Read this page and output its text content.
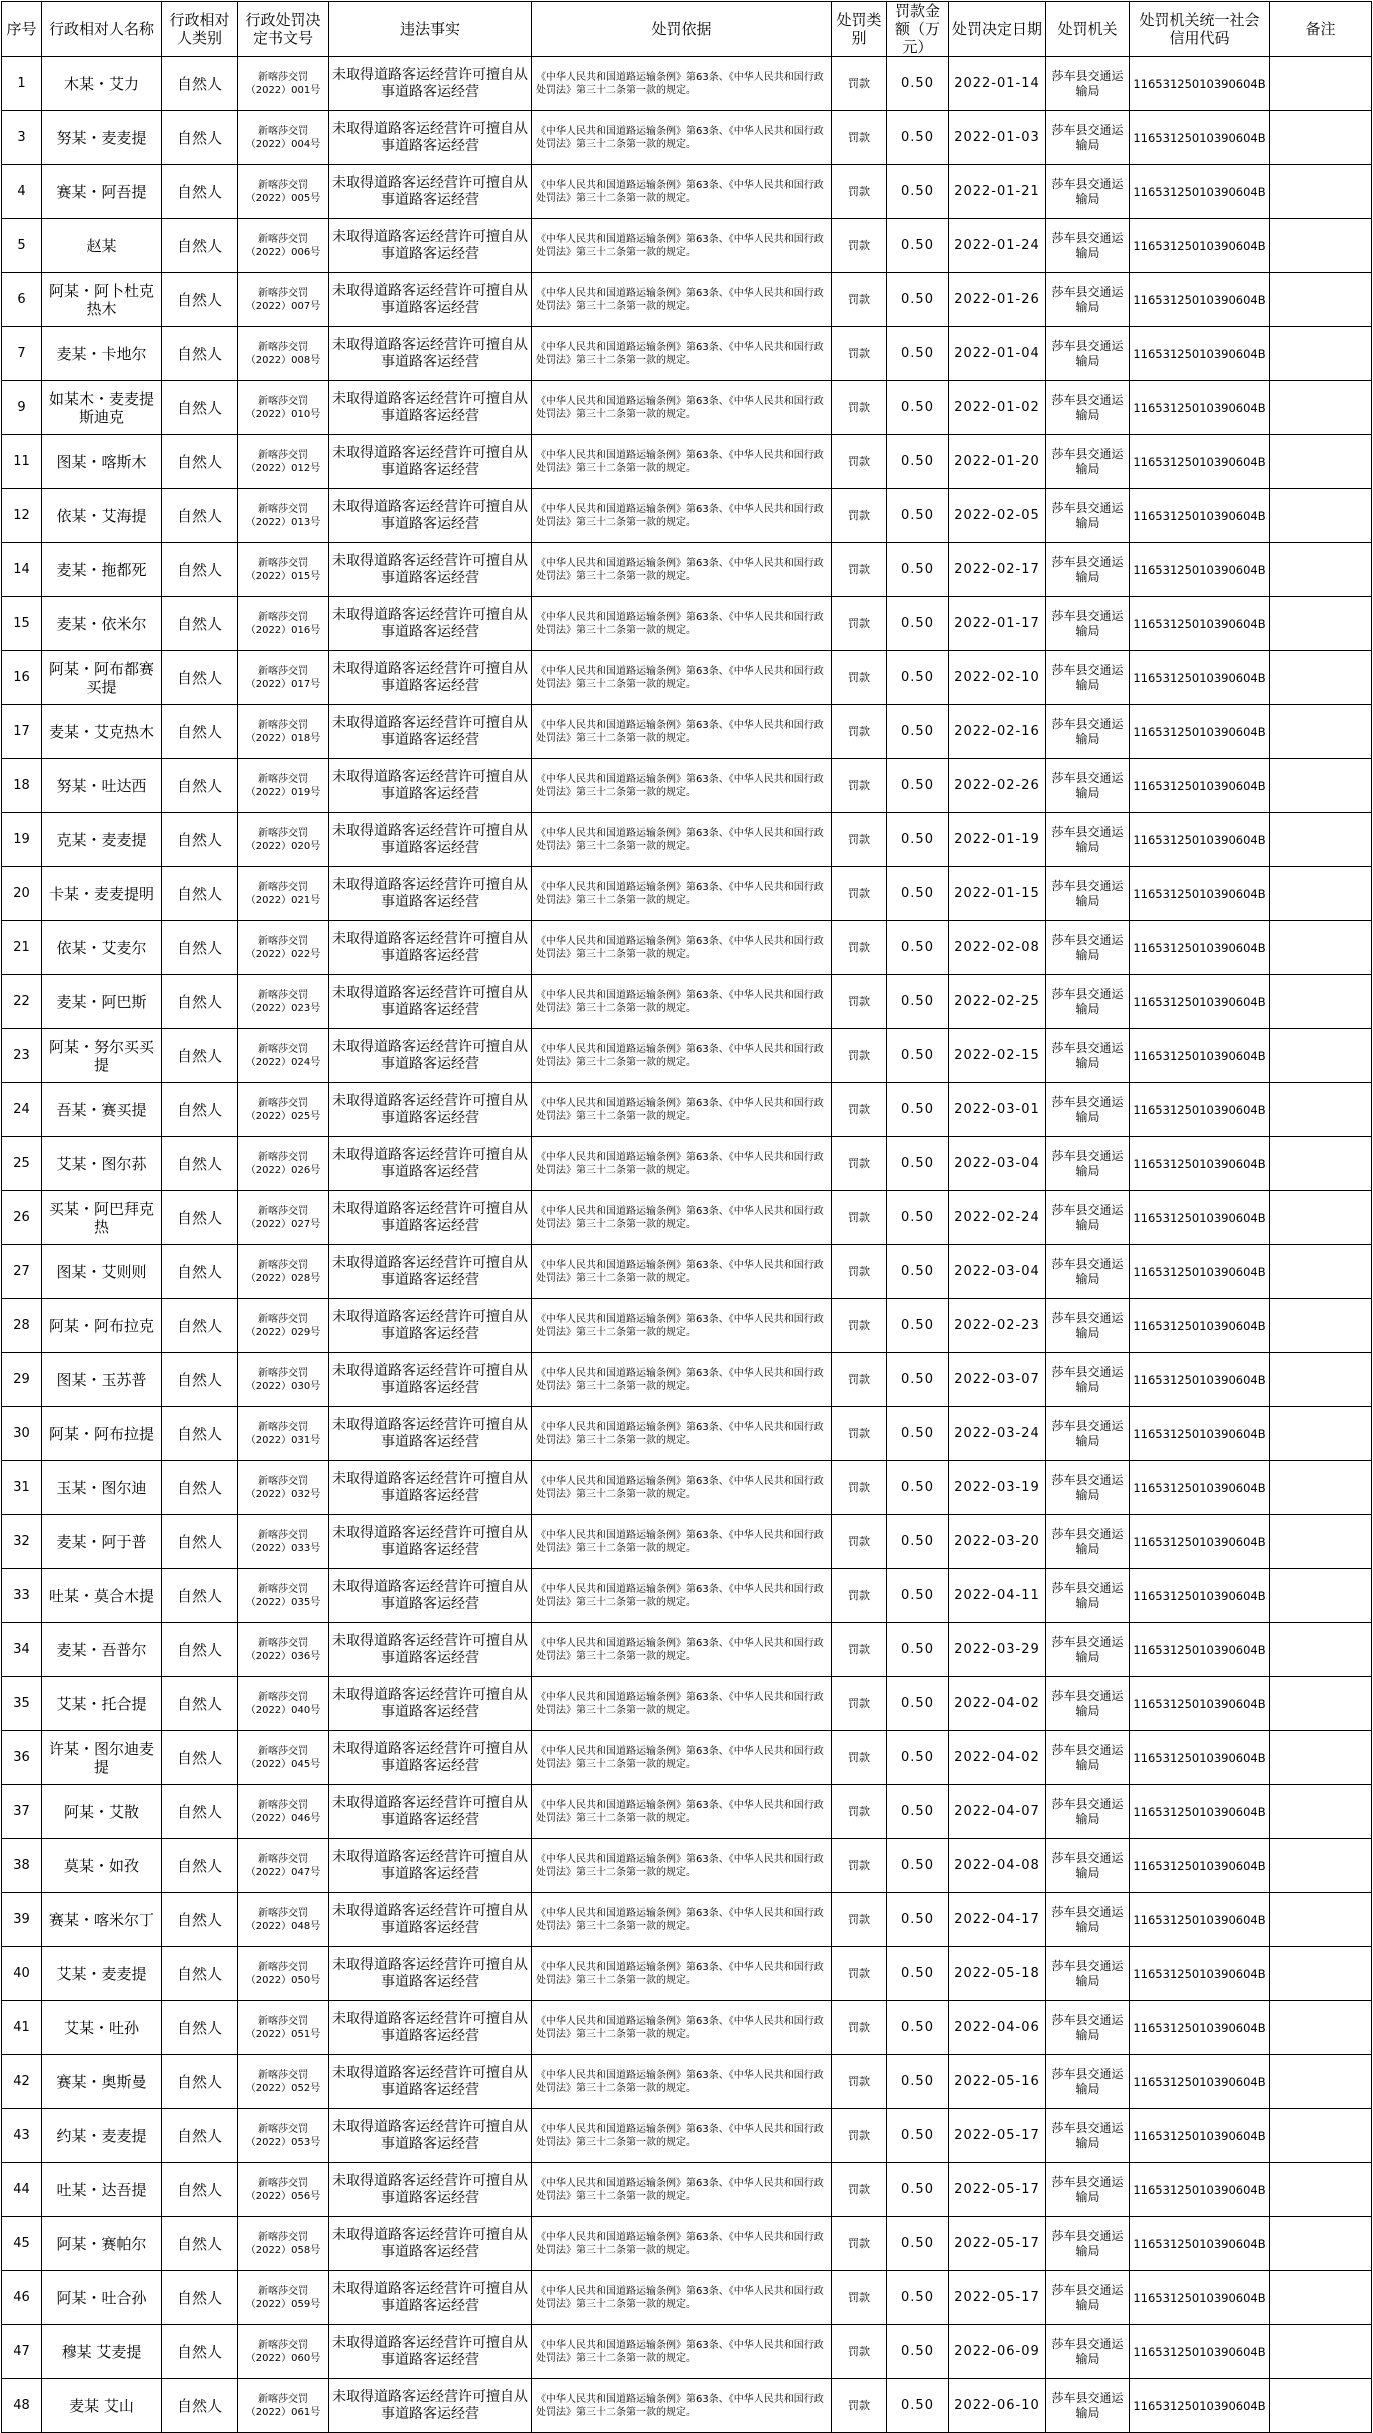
序号	行政相对人名称	行政相对人类别	行政处罚决定书文号	违法事实	处罚依据	处罚类别	罚款金额（万元）	处罚决定日期	处罚机关	处罚机关统一社会信用代码	备注
1	木某・艾力	自然人	新喀莎交罚（2022）001号	未取得道路客运经营许可擅自从事道路客运经营	《中华人民共和国道路运输条例》第63条、《中华人民共和国行政处罚法》第三十二条第一款的规定。	罚款	0.50	2022-01-14	莎车县交通运输局	11653125010390604B	
3	努某・麦麦提	自然人	新喀莎交罚（2022）004号	未取得道路客运经营许可擅自从事道路客运经营	《中华人民共和国道路运输条例》第63条、《中华人民共和国行政处罚法》第三十二条第一款的规定。	罚款	0.50	2022-01-03	莎车县交通运输局	11653125010390604B	
4	赛某・阿吾提	自然人	新喀莎交罚（2022）005号	未取得道路客运经营许可擅自从事道路客运经营	《中华人民共和国道路运输条例》第63条、《中华人民共和国行政处罚法》第三十二条第一款的规定。	罚款	0.50	2022-01-21	莎车县交通运输局	11653125010390604B	
5	赵某	自然人	新喀莎交罚（2022）006号	未取得道路客运经营许可擅自从事道路客运经营	《中华人民共和国道路运输条例》第63条、《中华人民共和国行政处罚法》第三十二条第一款的规定。	罚款	0.50	2022-01-24	莎车县交通运输局	11653125010390604B	
6	阿某・阿卜杜克热木	自然人	新喀莎交罚（2022）007号	未取得道路客运经营许可擅自从事道路客运经营	《中华人民共和国道路运输条例》第63条、《中华人民共和国行政处罚法》第三十二条第一款的规定。	罚款	0.50	2022-01-26	莎车县交通运输局	11653125010390604B	
7	麦某・卡地尔	自然人	新喀莎交罚（2022）008号	未取得道路客运经营许可擅自从事道路客运经营	《中华人民共和国道路运输条例》第63条、《中华人民共和国行政处罚法》第三十二条第一款的规定。	罚款	0.50	2022-01-04	莎车县交通运输局	11653125010390604B	
9	如某木・麦麦提斯迪克	自然人	新喀莎交罚（2022）010号	未取得道路客运经营许可擅自从事道路客运经营	《中华人民共和国道路运输条例》第63条、《中华人民共和国行政处罚法》第三十二条第一款的规定。	罚款	0.50	2022-01-02	莎车县交通运输局	11653125010390604B	
11	图某・喀斯木	自然人	新喀莎交罚（2022）012号	未取得道路客运经营许可擅自从事道路客运经营	《中华人民共和国道路运输条例》第63条、《中华人民共和国行政处罚法》第三十二条第一款的规定。	罚款	0.50	2022-01-20	莎车县交通运输局	11653125010390604B	
12	依某・艾海提	自然人	新喀莎交罚（2022）013号	未取得道路客运经营许可擅自从事道路客运经营	《中华人民共和国道路运输条例》第63条、《中华人民共和国行政处罚法》第三十二条第一款的规定。	罚款	0.50	2022-02-05	莎车县交通运输局	11653125010390604B	
14	麦某・拖都死	自然人	新喀莎交罚（2022）015号	未取得道路客运经营许可擅自从事道路客运经营	《中华人民共和国道路运输条例》第63条、《中华人民共和国行政处罚法》第三十二条第一款的规定。	罚款	0.50	2022-02-17	莎车县交通运输局	11653125010390604B	
15	麦某・依米尔	自然人	新喀莎交罚（2022）016号	未取得道路客运经营许可擅自从事道路客运经营	《中华人民共和国道路运输条例》第63条、《中华人民共和国行政处罚法》第三十二条第一款的规定。	罚款	0.50	2022-01-17	莎车县交通运输局	11653125010390604B	
16	阿某・阿布都赛买提	自然人	新喀莎交罚（2022）017号	未取得道路客运经营许可擅自从事道路客运经营	《中华人民共和国道路运输条例》第63条、《中华人民共和国行政处罚法》第三十二条第一款的规定。	罚款	0.50	2022-02-10	莎车县交通运输局	11653125010390604B	
17	麦某・艾克热木	自然人	新喀莎交罚（2022）018号	未取得道路客运经营许可擅自从事道路客运经营	《中华人民共和国道路运输条例》第63条、《中华人民共和国行政处罚法》第三十二条第一款的规定。	罚款	0.50	2022-02-16	莎车县交通运输局	11653125010390604B	
18	努某・吐达西	自然人	新喀莎交罚（2022）019号	未取得道路客运经营许可擅自从事道路客运经营	《中华人民共和国道路运输条例》第63条、《中华人民共和国行政处罚法》第三十二条第一款的规定。	罚款	0.50	2022-02-26	莎车县交通运输局	11653125010390604B	
19	克某・麦麦提	自然人	新喀莎交罚（2022）020号	未取得道路客运经营许可擅自从事道路客运经营	《中华人民共和国道路运输条例》第63条、《中华人民共和国行政处罚法》第三十二条第一款的规定。	罚款	0.50	2022-01-19	莎车县交通运输局	11653125010390604B	
20	卡某・麦麦提明	自然人	新喀莎交罚（2022）021号	未取得道路客运经营许可擅自从事道路客运经营	《中华人民共和国道路运输条例》第63条、《中华人民共和国行政处罚法》第三十二条第一款的规定。	罚款	0.50	2022-01-15	莎车县交通运输局	11653125010390604B	
21	依某・艾麦尔	自然人	新喀莎交罚（2022）022号	未取得道路客运经营许可擅自从事道路客运经营	《中华人民共和国道路运输条例》第63条、《中华人民共和国行政处罚法》第三十二条第一款的规定。	罚款	0.50	2022-02-08	莎车县交通运输局	11653125010390604B	
22	麦某・阿巴斯	自然人	新喀莎交罚（2022）023号	未取得道路客运经营许可擅自从事道路客运经营	《中华人民共和国道路运输条例》第63条、《中华人民共和国行政处罚法》第三十二条第一款的规定。	罚款	0.50	2022-02-25	莎车县交通运输局	11653125010390604B	
23	阿某・努尔买买提	自然人	新喀莎交罚（2022）024号	未取得道路客运经营许可擅自从事道路客运经营	《中华人民共和国道路运输条例》第63条、《中华人民共和国行政处罚法》第三十二条第一款的规定。	罚款	0.50	2022-02-15	莎车县交通运输局	11653125010390604B	
24	吾某・赛买提	自然人	新喀莎交罚（2022）025号	未取得道路客运经营许可擅自从事道路客运经营	《中华人民共和国道路运输条例》第63条、《中华人民共和国行政处罚法》第三十二条第一款的规定。	罚款	0.50	2022-03-01	莎车县交通运输局	11653125010390604B	
25	艾某・图尔荪	自然人	新喀莎交罚（2022）026号	未取得道路客运经营许可擅自从事道路客运经营	《中华人民共和国道路运输条例》第63条、《中华人民共和国行政处罚法》第三十二条第一款的规定。	罚款	0.50	2022-03-04	莎车县交通运输局	11653125010390604B	
26	买某・阿巴拜克热	自然人	新喀莎交罚（2022）027号	未取得道路客运经营许可擅自从事道路客运经营	《中华人民共和国道路运输条例》第63条、《中华人民共和国行政处罚法》第三十二条第一款的规定。	罚款	0.50	2022-02-24	莎车县交通运输局	11653125010390604B	
27	图某・艾则则	自然人	新喀莎交罚（2022）028号	未取得道路客运经营许可擅自从事道路客运经营	《中华人民共和国道路运输条例》第63条、《中华人民共和国行政处罚法》第三十二条第一款的规定。	罚款	0.50	2022-03-04	莎车县交通运输局	11653125010390604B	
28	阿某・阿布拉克	自然人	新喀莎交罚（2022）029号	未取得道路客运经营许可擅自从事道路客运经营	《中华人民共和国道路运输条例》第63条、《中华人民共和国行政处罚法》第三十二条第一款的规定。	罚款	0.50	2022-02-23	莎车县交通运输局	11653125010390604B	
29	图某・玉苏普	自然人	新喀莎交罚（2022）030号	未取得道路客运经营许可擅自从事道路客运经营	《中华人民共和国道路运输条例》第63条、《中华人民共和国行政处罚法》第三十二条第一款的规定。	罚款	0.50	2022-03-07	莎车县交通运输局	11653125010390604B	
30	阿某・阿布拉提	自然人	新喀莎交罚（2022）031号	未取得道路客运经营许可擅自从事道路客运经营	《中华人民共和国道路运输条例》第63条、《中华人民共和国行政处罚法》第三十二条第一款的规定。	罚款	0.50	2022-03-24	莎车县交通运输局	11653125010390604B	
31	玉某・图尔迪	自然人	新喀莎交罚（2022）032号	未取得道路客运经营许可擅自从事道路客运经营	《中华人民共和国道路运输条例》第63条、《中华人民共和国行政处罚法》第三十二条第一款的规定。	罚款	0.50	2022-03-19	莎车县交通运输局	11653125010390604B	
32	麦某・阿于普	自然人	新喀莎交罚（2022）033号	未取得道路客运经营许可擅自从事道路客运经营	《中华人民共和国道路运输条例》第63条、《中华人民共和国行政处罚法》第三十二条第一款的规定。	罚款	0.50	2022-03-20	莎车县交通运输局	11653125010390604B	
33	吐某・莫合木提	自然人	新喀莎交罚（2022）035号	未取得道路客运经营许可擅自从事道路客运经营	《中华人民共和国道路运输条例》第63条、《中华人民共和国行政处罚法》第三十二条第一款的规定。	罚款	0.50	2022-04-11	莎车县交通运输局	11653125010390604B	
34	麦某・吾普尔	自然人	新喀莎交罚（2022）036号	未取得道路客运经营许可擅自从事道路客运经营	《中华人民共和国道路运输条例》第63条、《中华人民共和国行政处罚法》第三十二条第一款的规定。	罚款	0.50	2022-03-29	莎车县交通运输局	11653125010390604B	
35	艾某・托合提	自然人	新喀莎交罚（2022）040号	未取得道路客运经营许可擅自从事道路客运经营	《中华人民共和国道路运输条例》第63条、《中华人民共和国行政处罚法》第三十二条第一款的规定。	罚款	0.50	2022-04-02	莎车县交通运输局	11653125010390604B	
36	许某・图尔迪麦提	自然人	新喀莎交罚（2022）045号	未取得道路客运经营许可擅自从事道路客运经营	《中华人民共和国道路运输条例》第63条、《中华人民共和国行政处罚法》第三十二条第一款的规定。	罚款	0.50	2022-04-02	莎车县交通运输局	11653125010390604B	
37	阿某・艾散	自然人	新喀莎交罚（2022）046号	未取得道路客运经营许可擅自从事道路客运经营	《中华人民共和国道路运输条例》第63条、《中华人民共和国行政处罚法》第三十二条第一款的规定。	罚款	0.50	2022-04-07	莎车县交通运输局	11653125010390604B	
38	莫某・如孜	自然人	新喀莎交罚（2022）047号	未取得道路客运经营许可擅自从事道路客运经营	《中华人民共和国道路运输条例》第63条、《中华人民共和国行政处罚法》第三十二条第一款的规定。	罚款	0.50	2022-04-08	莎车县交通运输局	11653125010390604B	
39	赛某・喀米尔丁	自然人	新喀莎交罚（2022）048号	未取得道路客运经营许可擅自从事道路客运经营	《中华人民共和国道路运输条例》第63条、《中华人民共和国行政处罚法》第三十二条第一款的规定。	罚款	0.50	2022-04-17	莎车县交通运输局	11653125010390604B	
40	艾某・麦麦提	自然人	新喀莎交罚（2022）050号	未取得道路客运经营许可擅自从事道路客运经营	《中华人民共和国道路运输条例》第63条、《中华人民共和国行政处罚法》第三十二条第一款的规定。	罚款	0.50	2022-05-18	莎车县交通运输局	11653125010390604B	
41	艾某・吐孙	自然人	新喀莎交罚（2022）051号	未取得道路客运经营许可擅自从事道路客运经营	《中华人民共和国道路运输条例》第63条、《中华人民共和国行政处罚法》第三十二条第一款的规定。	罚款	0.50	2022-04-06	莎车县交通运输局	11653125010390604B	
42	赛某・奥斯曼	自然人	新喀莎交罚（2022）052号	未取得道路客运经营许可擅自从事道路客运经营	《中华人民共和国道路运输条例》第63条、《中华人民共和国行政处罚法》第三十二条第一款的规定。	罚款	0.50	2022-05-16	莎车县交通运输局	11653125010390604B	
43	约某・麦麦提	自然人	新喀莎交罚（2022）053号	未取得道路客运经营许可擅自从事道路客运经营	《中华人民共和国道路运输条例》第63条、《中华人民共和国行政处罚法》第三十二条第一款的规定。	罚款	0.50	2022-05-17	莎车县交通运输局	11653125010390604B	
44	吐某・达吾提	自然人	新喀莎交罚（2022）056号	未取得道路客运经营许可擅自从事道路客运经营	《中华人民共和国道路运输条例》第63条、《中华人民共和国行政处罚法》第三十二条第一款的规定。	罚款	0.50	2022-05-17	莎车县交通运输局	11653125010390604B	
45	阿某・赛帕尔	自然人	新喀莎交罚（2022）058号	未取得道路客运经营许可擅自从事道路客运经营	《中华人民共和国道路运输条例》第63条、《中华人民共和国行政处罚法》第三十二条第一款的规定。	罚款	0.50	2022-05-17	莎车县交通运输局	11653125010390604B	
46	阿某・吐合孙	自然人	新喀莎交罚（2022）059号	未取得道路客运经营许可擅自从事道路客运经营	《中华人民共和国道路运输条例》第63条、《中华人民共和国行政处罚法》第三十二条第一款的规定。	罚款	0.50	2022-05-17	莎车县交通运输局	11653125010390604B	
47	穆某 艾麦提	自然人	新喀莎交罚（2022）060号	未取得道路客运经营许可擅自从事道路客运经营	《中华人民共和国道路运输条例》第63条、《中华人民共和国行政处罚法》第三十二条第一款的规定。	罚款	0.50	2022-06-09	莎车县交通运输局	11653125010390604B	
48	麦某 艾山	自然人	新喀莎交罚（2022）061号	未取得道路客运经营许可擅自从事道路客运经营	《中华人民共和国道路运输条例》第63条、《中华人民共和国行政处罚法》第三十二条第一款的规定。	罚款	0.50	2022-06-10	莎车县交通运输局	11653125010390604B	
